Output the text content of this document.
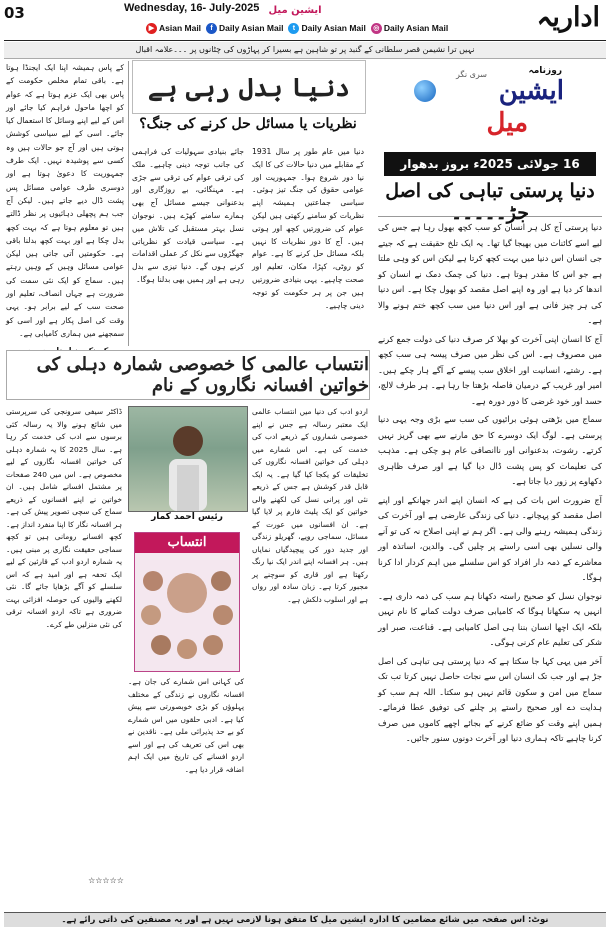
03	Wednesday, 16- July-2025 ایشین میل
▶ Asian Mail	f Daily Asian Mail	t Daily Asian Mail	◎ Daily Asian Mail	اداریہ
نہیں ترا نشیمن قصر سلطانی کے گنبد پر تو شاہین ہے بسیرا کر پہاڑوں کی چٹانوں پر ۔۔۔علامہ اقبال
کے پاس ہمیشہ اپنا ایک ایجنڈا ہوتا ہے۔ باقی تمام مخلص حکومت کے پاس بھی ایک عزم ہوتا ہے کہ عوام کو اچھا ماحول فراہم کیا جائے اور اس کے لیے اپنے وسائل کا استعمال کیا جائے۔ اسی کے لیے سیاسی کوشش ہوتی ہیں اور آج جو حالات ہیں وہ کسی سے پوشیدہ نہیں۔ ایک طرف جمہوریت کا دعویٰ ہوتا ہے اور دوسری طرف عوامی مسائل پس پشت ڈال دیے جاتے ہیں۔ لیکن آج جب ہم پچھلی دہائیوں پر نظر ڈالتے ہیں تو معلوم ہوتا ہے کہ بہت کچھ بدل چکا ہے اور بہت کچھ بدلنا باقی ہے۔ حکومتیں آتی جاتی ہیں لیکن عوامی مسائل وہیں کے وہیں رہتے ہیں۔ سماج کو ایک نئی سمت کی ضرورت ہے جہاں انصاف، تعلیم اور صحت سب کے لیے برابر ہو۔ یہی وقت کی اصل پکار ہے اور اسی کو سمجھنے میں ہماری کامیابی ہے۔
دنیا بدل رہی ہے
نظریات یا مسائل حل کرنے کی جنگ؟
دنیا میں عام طور پر سال 1931 کے مقابلے میں دنیا حالات کی کا ایک نیا دور شروع ہوا۔ جمہوریت اور عوامی حقوق کی جنگ تیز ہوئی۔ سیاسی جماعتیں ہمیشہ اپنے نظریات کو سامنے رکھتی ہیں لیکن عوام کی ضرورتیں کچھ اور ہوتی ہیں۔ آج کا دور نظریات کا نہیں بلکہ مسائل حل کرنے کا ہے۔ عوام کو روٹی، کپڑا، مکان، تعلیم اور صحت چاہیے۔ یہی بنیادی ضرورتیں ہیں جن پر ہر حکومت کو توجہ دینی چاہیے۔
جائے بنیادی سہولیات کی فراہمی کی جانب توجہ دینی چاہیے۔ ملک کی ترقی عوام کی ترقی سے جڑی ہے۔ مہنگائی، بے روزگاری اور بدعنوانی جیسے مسائل آج بھی ہمارے سامنے کھڑے ہیں۔ نوجوان نسل بہتر مستقبل کی تلاش میں ہے۔ سیاسی قیادت کو نظریاتی جھگڑوں سے نکل کر عملی اقدامات کرنے ہوں گے۔ دنیا تیزی سے بدل رہی ہے اور ہمیں بھی بدلنا ہوگا۔
انتساب عالمی کا خصوصی شمارہ دہلی کی خواتین افسانہ نگاروں کے نام
اردو ادب کی دنیا میں انتساب عالمی ایک معتبر رسالہ ہے جس نے اپنے خصوصی شماروں کے ذریعے ادب کی خدمت کی ہے۔ اس شمارے میں دہلی کی خواتین افسانہ نگاروں کی تخلیقات کو یکجا کیا گیا ہے۔ یہ ایک قابل قدر کوشش ہے جس کے ذریعے نئی اور پرانی نسل کی لکھنے والی خواتین کو ایک پلیٹ فارم پر لایا گیا ہے۔ ان افسانوں میں عورت کے مسائل، سماجی رویے، گھریلو زندگی اور جدید دور کی پیچیدگیاں نمایاں ہیں۔ ہر افسانہ اپنے اندر ایک نیا رنگ رکھتا ہے اور قاری کو سوچنے پر مجبور کرتا ہے۔ زبان سادہ اور رواں ہے اور اسلوب دلکش ہے۔
رئیس احمد کمار
انتساب
کی کہانی اس شمارے کی جان ہے۔ افسانہ نگاروں نے زندگی کے مختلف پہلوؤں کو بڑی خوبصورتی سے پیش کیا ہے۔ ادبی حلقوں میں اس شمارے کو بے حد پذیرائی ملی ہے۔ ناقدین نے بھی اس کی تعریف کی ہے اور اسے اردو افسانے کی تاریخ میں ایک اہم اضافہ قرار دیا ہے۔
ڈاکٹر سیفی سرونجی کی سرپرستی میں شائع ہونے والا یہ رسالہ کئی برسوں سے ادب کی خدمت کر رہا ہے۔ سال 2025 کا یہ شمارہ دہلی کی خواتین افسانہ نگاروں کے لیے مخصوص ہے۔ اس میں 240 صفحات پر مشتمل افسانے شامل ہیں۔ ان خواتین نے اپنے افسانوں کے ذریعے سماج کی سچی تصویر پیش کی ہے۔ ہر افسانہ نگار کا اپنا منفرد انداز ہے۔ کچھ افسانے رومانی ہیں تو کچھ سماجی حقیقت نگاری پر مبنی ہیں۔ یہ شمارہ اردو ادب کے قارئین کے لیے ایک تحفہ ہے اور امید ہے کہ اس سلسلے کو آگے بڑھایا جائے گا۔ نئی لکھنے والیوں کی حوصلہ افزائی بہت ضروری ہے تاکہ اردو افسانہ ترقی کی نئی منزلیں طے کرے۔
☆☆☆☆☆
روزنامہ
سری نگر
ایشین
میل
16 جولائی 2025ء بروز بدھوار
دنیا پرستی تباہی کی اصل جڑ۔۔۔۔۔

دنیا پرستی آج کل ہر انسان کو سب کچھ بھول رہا ہے جس کی لیے اسے کائنات میں بھیجا گیا تھا۔ یہ ایک تلخ حقیقت ہے کہ جیتے جی انسان اس دنیا میں بہت کچھ کرتا ہے لیکن اس کو وہی ملتا ہے جو اس کا مقدر ہوتا ہے۔ دنیا کی چمک دمک نے انسان کو اندھا کر دیا ہے اور وہ اپنے اصل مقصد کو بھول چکا ہے۔ اس دنیا کی ہر چیز فانی ہے اور اس دنیا میں سب کچھ ختم ہونے والا ہے۔

آج کا انسان اپنی آخرت کو بھلا کر صرف دنیا کی دولت جمع کرنے میں مصروف ہے۔ اس کی نظر میں صرف پیسہ ہی سب کچھ ہے۔ رشتے، انسانیت اور اخلاق سب پیسے کے آگے ہار چکے ہیں۔ امیر اور غریب کے درمیان فاصلہ بڑھتا جا رہا ہے۔ ہر طرف لالچ، حسد اور خود غرضی کا دور دورہ ہے۔

سماج میں بڑھتی ہوئی برائیوں کی سب سے بڑی وجہ یہی دنیا پرستی ہے۔ لوگ ایک دوسرے کا حق مارنے سے بھی گریز نہیں کرتے۔ رشوت، بدعنوانی اور ناانصافی عام ہو چکی ہے۔ مذہب کی تعلیمات کو پس پشت ڈال دیا گیا ہے اور صرف ظاہری دکھاوے پر زور دیا جاتا ہے۔

آج ضرورت اس بات کی ہے کہ انسان اپنے اندر جھانکے اور اپنے اصل مقصد کو پہچانے۔ دنیا کی زندگی عارضی ہے اور آخرت کی زندگی ہمیشہ رہنے والی ہے۔ اگر ہم نے اپنی اصلاح نہ کی تو آنے والی نسلیں بھی اسی راستے پر چلیں گی۔ والدین، اساتذہ اور معاشرے کے ذمہ دار افراد کو اس سلسلے میں اہم کردار ادا کرنا ہوگا۔

نوجوان نسل کو صحیح راستہ دکھانا ہم سب کی ذمہ داری ہے۔ انہیں یہ سکھانا ہوگا کہ کامیابی صرف دولت کمانے کا نام نہیں بلکہ ایک اچھا انسان بننا ہی اصل کامیابی ہے۔ قناعت، صبر اور شکر کی تعلیم عام کرنی ہوگی۔

آخر میں یہی کہا جا سکتا ہے کہ دنیا پرستی ہی تباہی کی اصل جڑ ہے اور جب تک انسان اس سے نجات حاصل نہیں کرتا تب تک سماج میں امن و سکون قائم نہیں ہو سکتا۔ اللہ ہم سب کو ہدایت دے اور صحیح راستے پر چلنے کی توفیق عطا فرمائے۔ ہمیں اپنے وقت کو ضائع کرنے کے بجائے اچھے کاموں میں صرف کرنا چاہیے تاکہ ہماری دنیا اور آخرت دونوں سنور جائیں۔

نوٹ: اس صفحہ میں شائع مضامین کا ادارہ ایشین میل کا متفق ہونا لازمی نہیں ہے اور یہ مصنفین کی ذاتی رائے ہے۔
